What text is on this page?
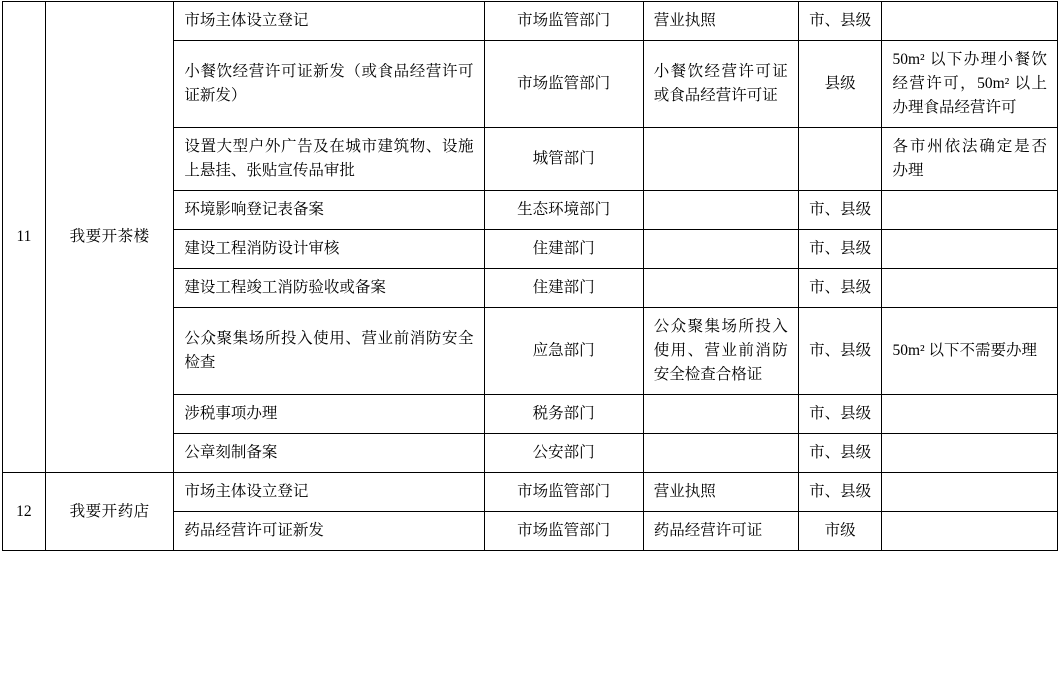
11	我要开茶楼	市场主体设立登记	市场监管部门	营业执照	市、县级	
		小餐饮经营许可证新发（或食品经营许可证新发）	市场监管部门	小餐饮经营许可证或食品经营许可证	县级	50m² 以下办理小餐饮经营许可，50m² 以上办理食品经营许可
		设置大型户外广告及在城市建筑物、设施上悬挂、张贴宣传品审批	城管部门			各市州依法确定是否办理
		环境影响登记表备案	生态环境部门		市、县级	
		建设工程消防设计审核	住建部门		市、县级	
		建设工程竣工消防验收或备案	住建部门		市、县级	
		公众聚集场所投入使用、营业前消防安全检查	应急部门	公众聚集场所投入使用、营业前消防安全检查合格证	市、县级	50m² 以下不需要办理
		涉税事项办理	税务部门		市、县级	
		公章刻制备案	公安部门		市、县级	
12	我要开药店	市场主体设立登记	市场监管部门	营业执照	市、县级	
		药品经营许可证新发	市场监管部门	药品经营许可证	市级	
